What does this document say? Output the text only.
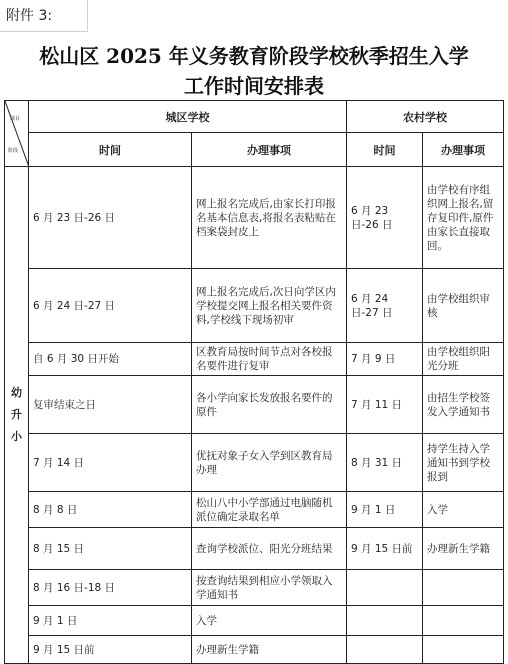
附件 3:
松山区 2025 年义务教育阶段学校秋季招生入学
工作时间安排表
项目
阶段	城区学校		农村学校	
	时间	办理事项	时间	办理事项

幼
升
小	6 月 23 日-26 日	网上报名完成后,由家长打印报名基本信息表,将报名表粘贴在档案袋封皮上	6 月 23 日-26 日	由学校有序组织网上报名,留存复印件,原件由家长直接取回。
	6 月 24 日-27 日	网上报名完成后,次日向学区内学校提交网上报名相关要件资料,学校线下现场初审	6 月 24 日-27 日	由学校组织审核
	自 6 月 30 日开始	区教育局按时间节点对各校报名要件进行复审	7 月 9 日	由学校组织阳光分班
	复审结束之日	各小学向家长发放报名要件的原件	7 月 11 日	由招生学校签发入学通知书
	7 月 14 日	优抚对象子女入学到区教育局办理	8 月 31 日	持学生持入学通知书到学校报到
	8 月 8 日	松山八中小学部通过电脑随机派位确定录取名单	9 月 1 日	入学
	8 月 15 日	查询学校派位、阳光分班结果	9 月 15 日前	办理新生学籍
	8 月 16 日-18 日	按查询结果到相应小学领取入学通知书		
	9 月 1 日	入学		
	9 月 15 日前	办理新生学籍		
